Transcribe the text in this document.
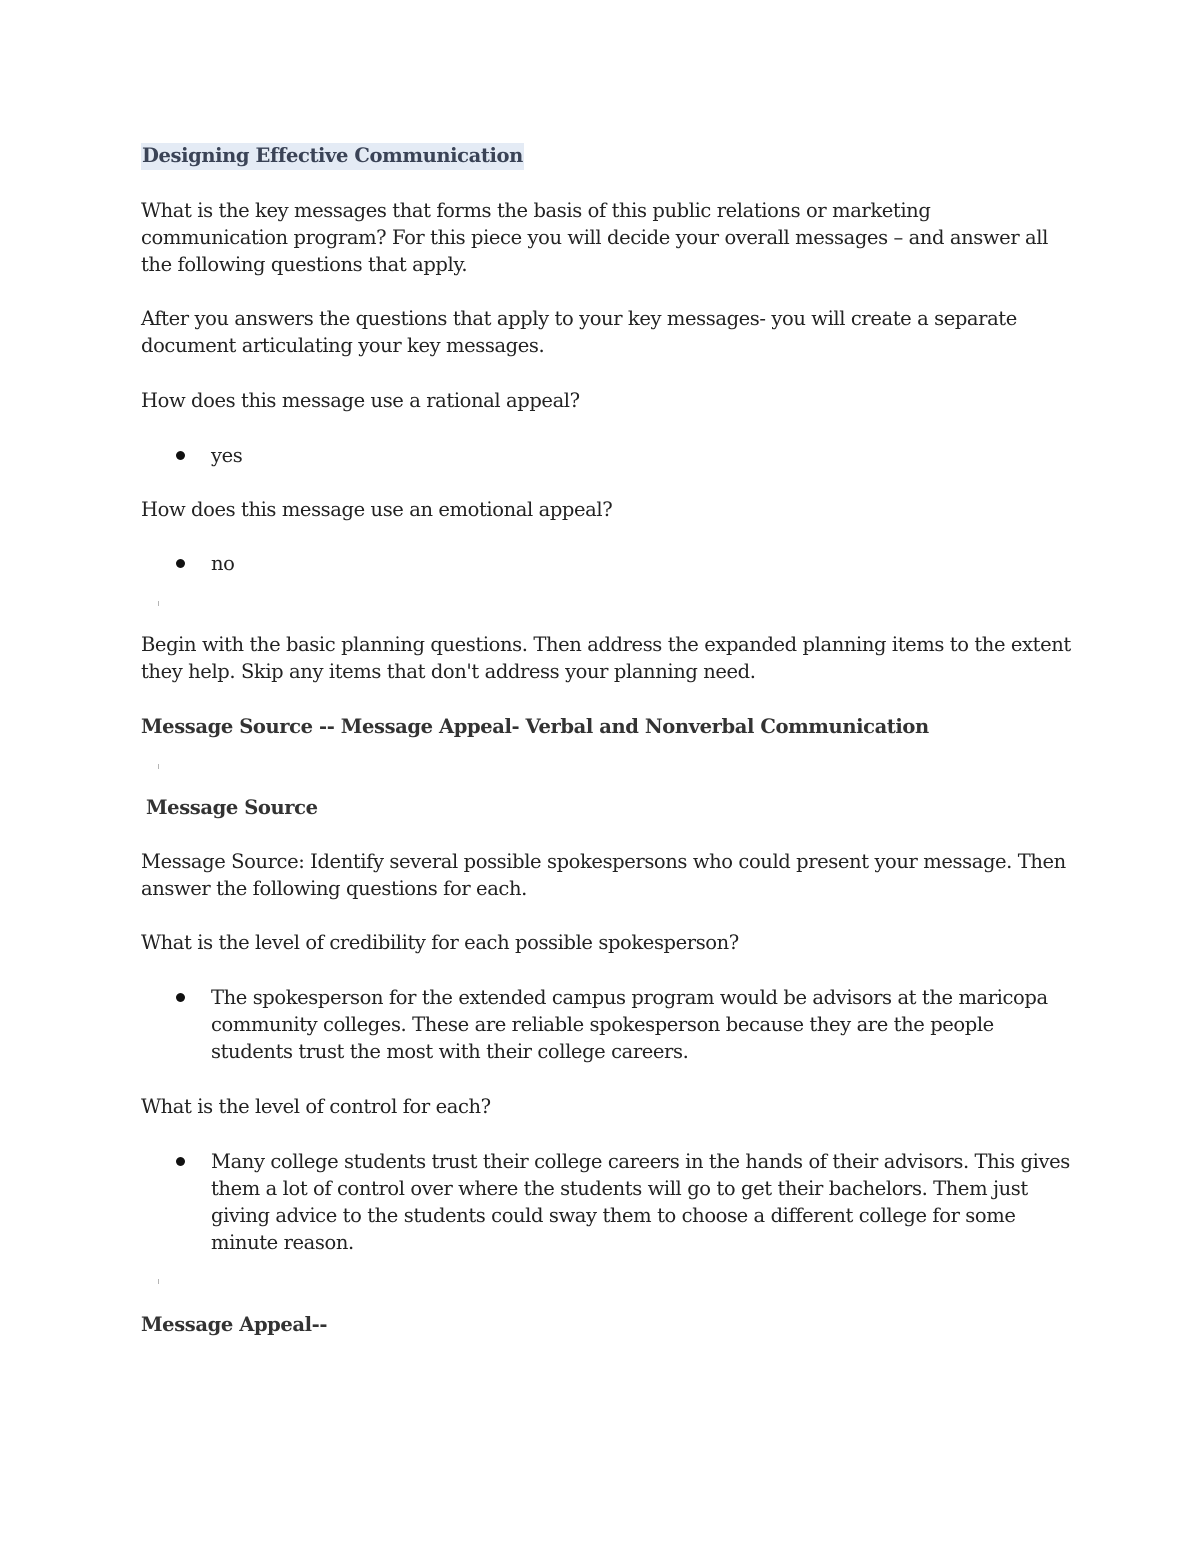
Designing Effective Communication
What is the key messages that forms the basis of this public relations or marketing communication program? For this piece you will decide your overall messages – and answer all the following questions that apply.
After you answers the questions that apply to your key messages- you will create a separate document articulating your key messages.
How does this message use a rational appeal?
yes
How does this message use an emotional appeal?
no
Begin with the basic planning questions. Then address the expanded planning items to the extent they help. Skip any items that don't address your planning need.
Message Source -- Message Appeal- Verbal and Nonverbal Communication
Message Source
Message Source: Identify several possible spokespersons who could present your message. Then answer the following questions for each.
What is the level of credibility for each possible spokesperson?
The spokesperson for the extended campus program would be advisors at the maricopa community colleges. These are reliable spokesperson because they are the people students trust the most with their college careers.
What is the level of control for each?
Many college students trust their college careers in the hands of their advisors. This gives them a lot of control over where the students will go to get their bachelors. Them just giving advice to the students could sway them to choose a different college for some minute reason.
Message Appeal--
